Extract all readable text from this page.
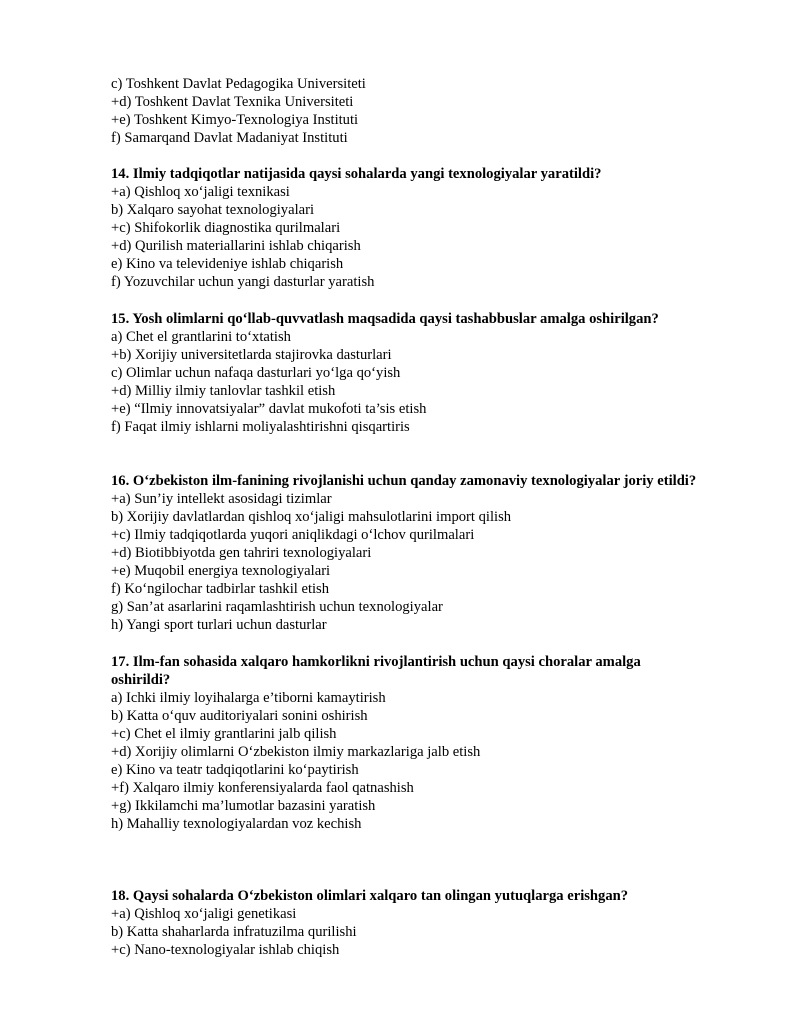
c) Toshkent Davlat Pedagogika Universiteti
+d) Toshkent Davlat Texnika Universiteti
+e) Toshkent Kimyo-Texnologiya Instituti
f) Samarqand Davlat Madaniyat Instituti
14. Ilmiy tadqiqotlar natijasida qaysi sohalarda yangi texnologiyalar yaratildi?
+a) Qishloq xo‘jaligi texnikasi
b) Xalqaro sayohat texnologiyalari
+c) Shifokorlik diagnostika qurilmalari
+d) Qurilish materiallarini ishlab chiqarish
e) Kino va televideniye ishlab chiqarish
f) Yozuvchilar uchun yangi dasturlar yaratish
15. Yosh olimlarni qo‘llab-quvvatlash maqsadida qaysi tashabbuslar amalga oshirilgan?
a) Chet el grantlarini to‘xtatish
+b) Xorijiy universitetlarda stajirovka dasturlari
c) Olimlar uchun nafaqa dasturlari yo‘lga qo‘yish
+d) Milliy ilmiy tanlovlar tashkil etish
+e) “Ilmiy innovatsiyalar” davlat mukofoti ta’sis etish
f) Faqat ilmiy ishlarni moliyalashtirishni qisqartiris
16. O‘zbekiston ilm-fanining rivojlanishi uchun qanday zamonaviy texnologiyalar joriy etildi?
+a) Sun’iy intellekt asosidagi tizimlar
b) Xorijiy davlatlardan qishloq xo‘jaligi mahsulotlarini import qilish
+c) Ilmiy tadqiqotlarda yuqori aniqlikdagi o‘lchov qurilmalari
+d) Biotibbiyotda gen tahriri texnologiyalari
+e) Muqobil energiya texnologiyalari
f) Ko‘ngilochar tadbirlar tashkil etish
g) San’at asarlarini raqamlashtirish uchun texnologiyalar
h) Yangi sport turlari uchun dasturlar
17. Ilm-fan sohasida xalqaro hamkorlikni rivojlantirish uchun qaysi choralar amalga
oshirildi?
a) Ichki ilmiy loyihalarga e’tiborni kamaytirish
b) Katta o‘quv auditoriyalari sonini oshirish
+c) Chet el ilmiy grantlarini jalb qilish
+d) Xorijiy olimlarni O‘zbekiston ilmiy markazlariga jalb etish
e) Kino va teatr tadqiqotlarini ko‘paytirish
+f) Xalqaro ilmiy konferensiyalarda faol qatnashish
+g) Ikkilamchi ma’lumotlar bazasini yaratish
h) Mahalliy texnologiyalardan voz kechish
18. Qaysi sohalarda O‘zbekiston olimlari xalqaro tan olingan yutuqlarga erishgan?
+a) Qishloq xo‘jaligi genetikasi
b) Katta shaharlarda infratuzilma qurilishi
+c) Nano-texnologiyalar ishlab chiqish
